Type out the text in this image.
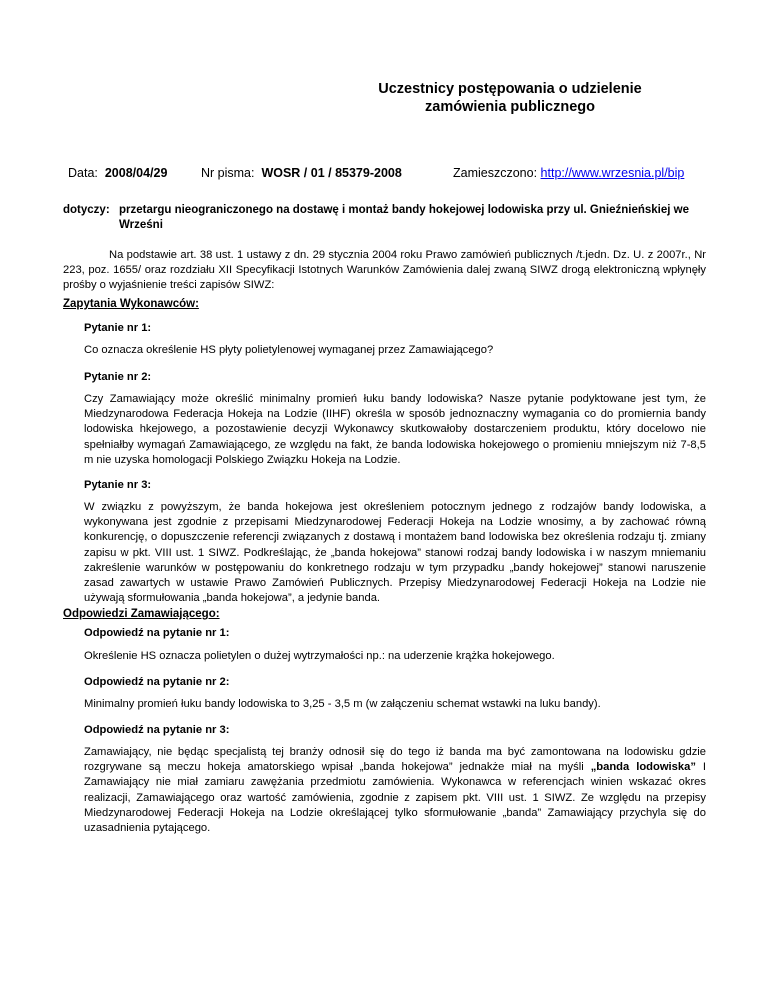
Uczestnicy postępowania o udzielenie
zamówienia publicznego
Data: 2008/04/29	Nr pisma: WOSR / 01 / 85379-2008	Zamieszczono: http://www.wrzesnia.pl/bip
dotyczy: przetargu nieograniczonego na dostawę i montaż bandy hokejowej lodowiska przy ul. Gnieźnieńskiej we Wrześni
Na podstawie art. 38 ust. 1 ustawy z dn. 29 stycznia 2004 roku Prawo zamówień publicznych /t.jedn. Dz. U. z 2007r., Nr 223, poz. 1655/ oraz rozdziału XII Specyfikacji Istotnych Warunków Zamówienia dalej zwaną SIWZ drogą elektroniczną wpłynęły prośby o wyjaśnienie treści zapisów SIWZ:
Zapytania Wykonawców:
Pytanie nr 1:
Co oznacza określenie HS płyty polietylenowej wymaganej przez Zamawiającego?
Pytanie nr 2:
Czy Zamawiający może określić minimalny promień łuku bandy lodowiska? Nasze pytanie podyktowane jest tym, że Miedzynarodowa Federacja Hokeja na Lodzie (IIHF) określa w sposób jednoznaczny wymagania co do promiernia bandy lodowiska hkejowego, a pozostawienie decyzji Wykonawcy skutkowałoby dostarczeniem produktu, który docelowo nie spełniałby wymagań Zamawiającego, ze względu na fakt, że banda lodowiska hokejowego o promieniu mniejszym niż 7-8,5 m nie uzyska homologacji Polskiego Związku Hokeja na Lodzie.
Pytanie nr 3:
W związku z powyższym, że banda hokejowa jest określeniem potocznym jednego z rodzajów bandy lodowiska, a wykonywana jest zgodnie z przepisami Miedzynarodowej Federacji Hokeja na Lodzie wnosimy, a by zachować równą konkurencję, o dopuszczenie referencji związanych z dostawą i montażem band lodowiska bez określenia rodzaju tj. zmiany zapisu w pkt. VIII ust. 1 SIWZ. Podkreślając, że „banda hokejowa” stanowi rodzaj bandy lodowiska i w naszym mniemaniu zakreślenie warunków w postępowaniu do konkretnego rodzaju w tym przypadku „bandy hokejowej” stanowi naruszenie zasad zawartych w ustawie Prawo Zamówień Publicznych. Przepisy Miedzynarodowej Federacji Hokeja na Lodzie nie używają sformułowania „banda hokejowa”, a jedynie banda.
Odpowiedzi Zamawiającego:
Odpowiedź na pytanie nr 1:
Określenie HS oznacza polietylen o dużej wytrzymałości np.: na uderzenie krążka hokejowego.
Odpowiedź na pytanie nr 2:
Minimalny promień łuku bandy lodowiska to 3,25 - 3,5 m (w załączeniu schemat wstawki na luku bandy).
Odpowiedź na pytanie nr 3:
Zamawiający, nie będąc specjalistą tej branży odnosił się do tego iż banda ma być zamontowana na lodowisku gdzie rozgrywane są meczu hokeja amatorskiego wpisał „banda hokejowa” jednakże miał na myśli „banda lodowiska” I Zamawiający nie miał zamiaru zawężania przedmiotu zamówienia. Wykonawca w referencjach winien wskazać okres realizacji, Zamawiającego oraz wartość zamówienia, zgodnie z zapisem pkt. VIII ust. 1 SIWZ. Ze względu na przepisy Miedzynarodowej Federacji Hokeja na Lodzie określającej tylko sformułowanie „banda” Zamawiający przychyla się do uzasadnienia pytającego.
